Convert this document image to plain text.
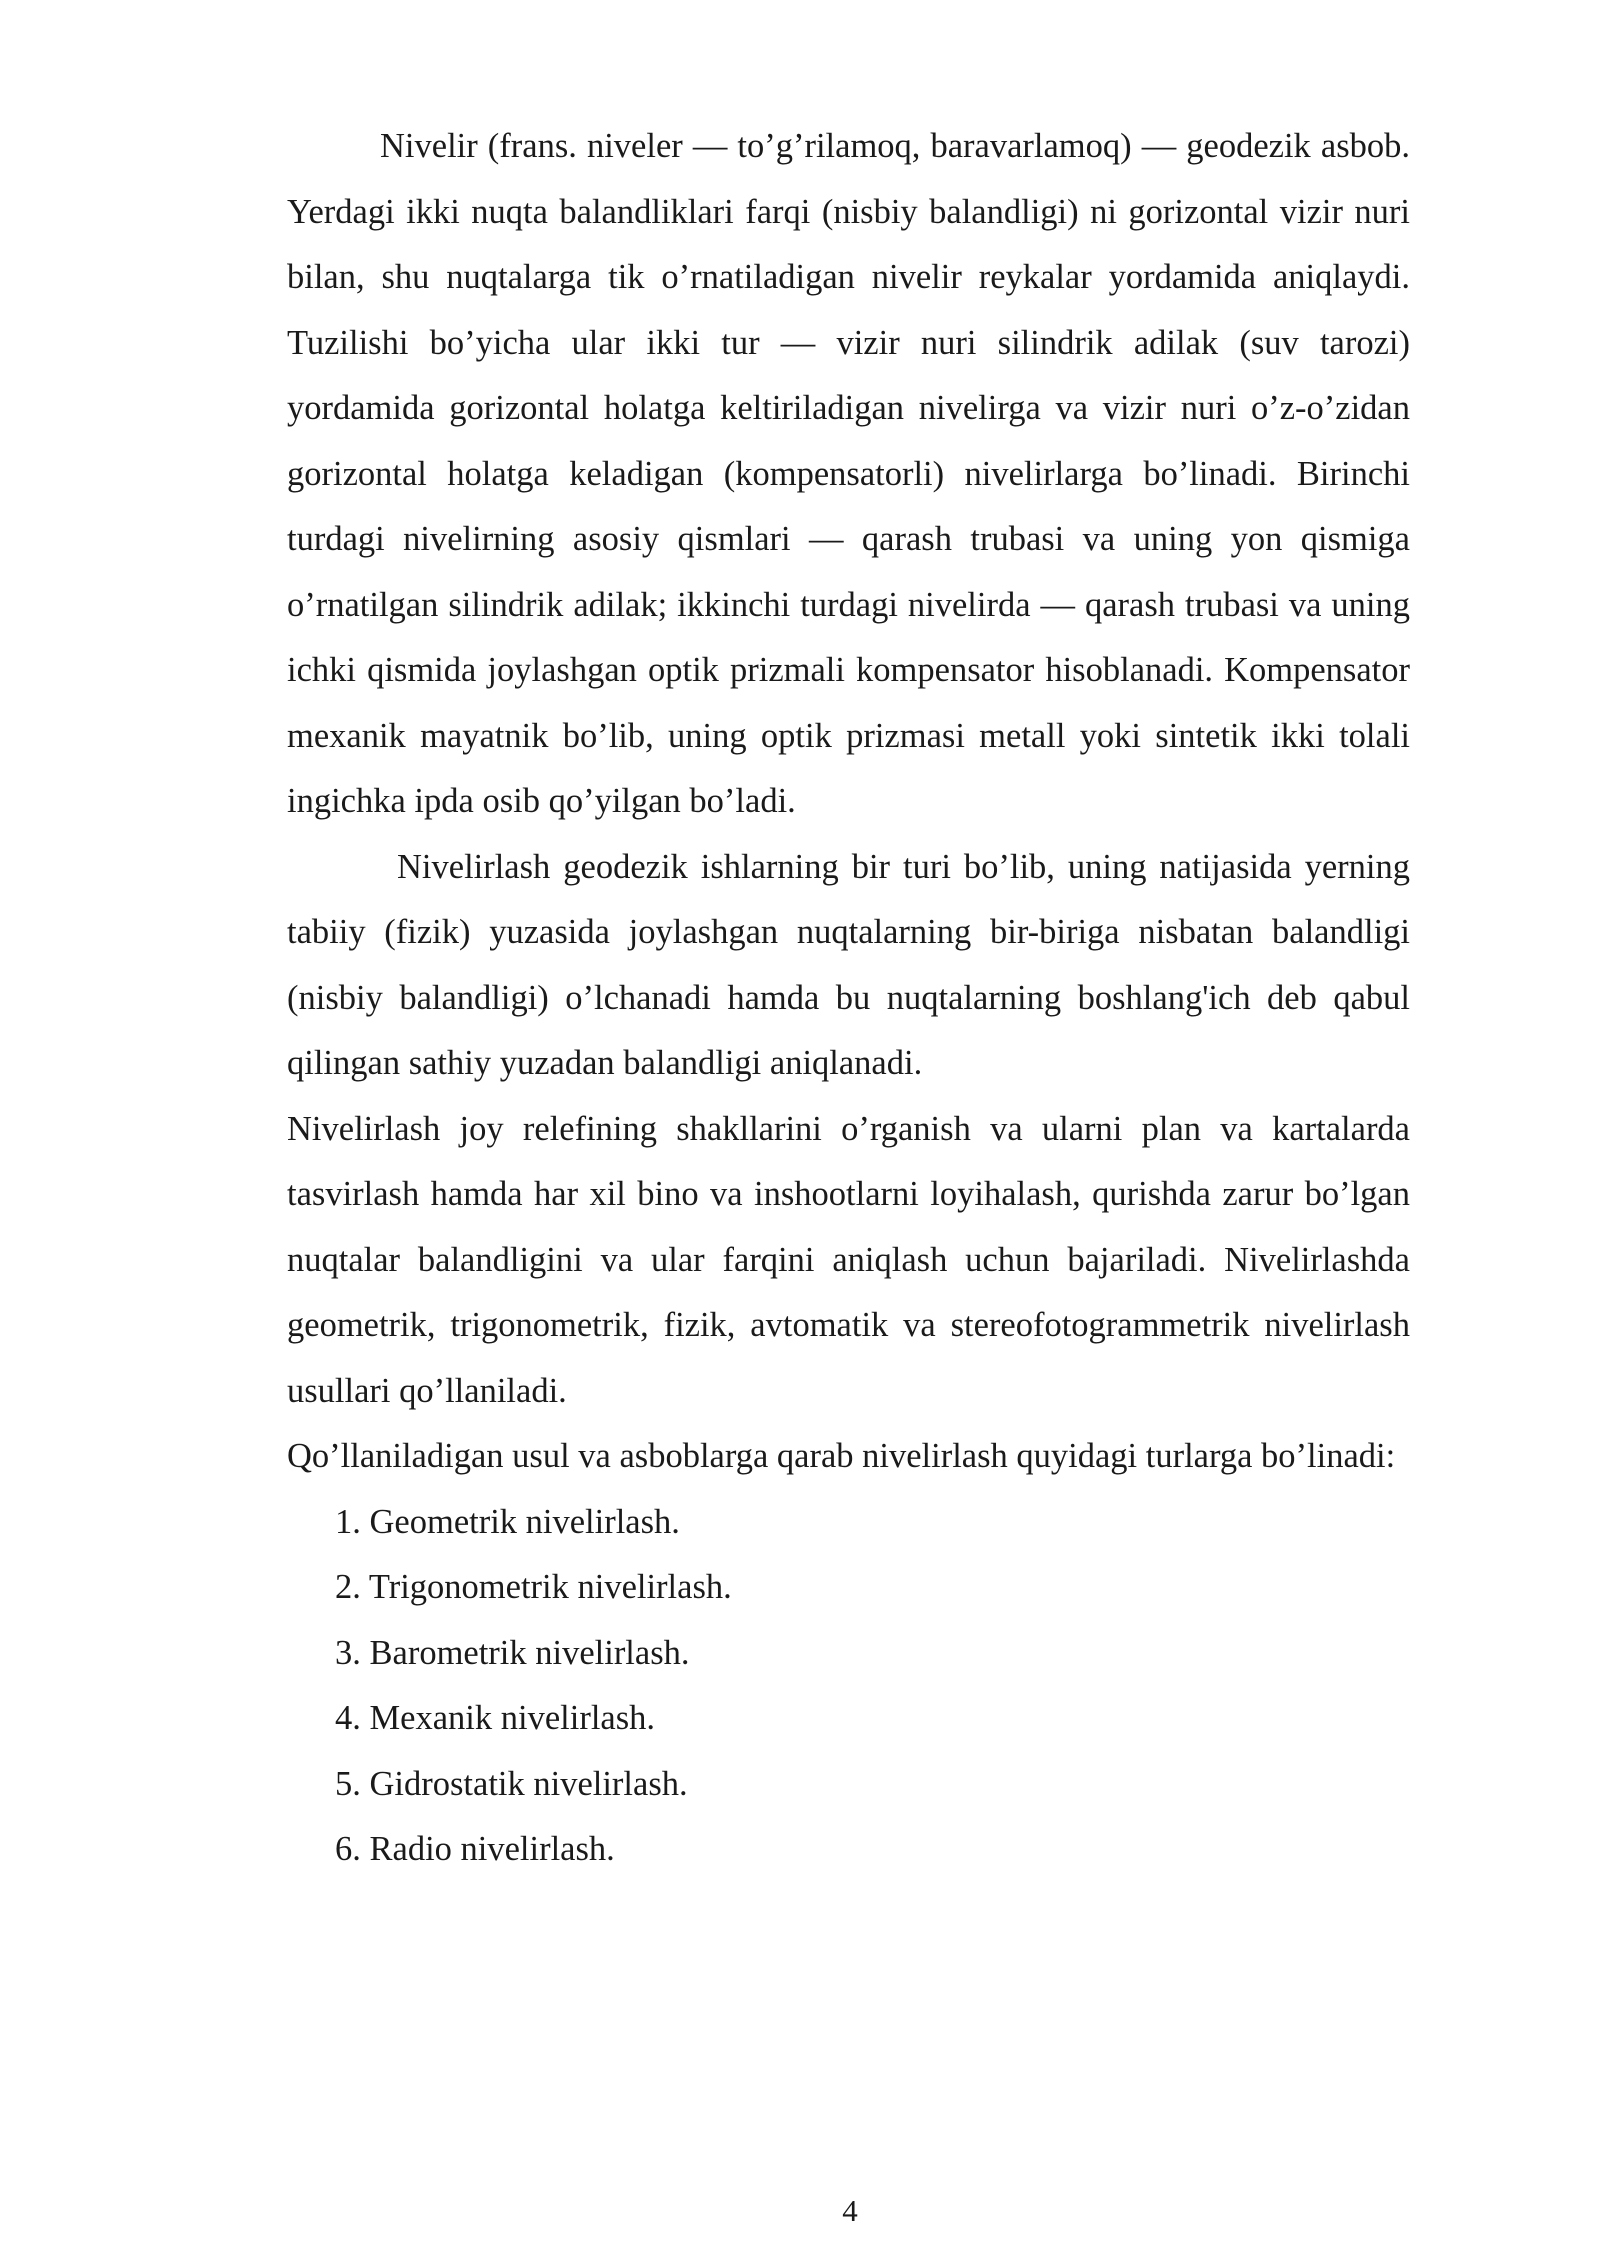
Nivelir (frans. niveler — to’g’rilamoq, baravarlamoq) — geodezik asbob. Yerdagi ikki nuqta balandliklari farqi (nisbiy balandligi) ni gorizontal vizir nuri bilan, shu nuqtalarga tik o’rnatiladigan nivelir reykalar yordamida aniqlaydi. Tuzilishi bo’yicha ular ikki tur — vizir nuri silindrik adilak (suv tarozi) yordamida gorizontal holatga keltiriladigan nivelirga va vizir nuri o’z-o’zidan gorizontal holatga keladigan (kompensatorli) nivelirlarga bo’linadi. Birinchi turdagi nivelirning asosiy qismlari — qarash trubasi va uning yon qismiga o’rnatilgan silindrik adilak; ikkinchi turdagi nivelirda — qarash trubasi va uning ichki qismida joylashgan optik prizmali kompensator hisoblanadi. Kompensator mexanik mayatnik bo’lib, uning optik prizmasi metall yoki sintetik ikki tolali ingichka ipda osib qo’yilgan bo’ladi.

Nivelirlash geodezik ishlarning bir turi bo’lib, uning natijasida yerning tabiiy (fizik) yuzasida joylashgan nuqtalarning bir-biriga nisbatan balandligi (nisbiy balandligi) o’lchanadi hamda bu nuqtalarning boshlang'ich deb qabul qilingan sathiy yuzadan balandligi aniqlanadi.

Nivelirlash joy relefining shakllarini o’rganish va ularni plan va kartalarda tasvirlash hamda har xil bino va inshootlarni loyihalash, qurishda zarur bo’lgan nuqtalar balandligini va ular farqini aniqlash uchun bajariladi. Nivelirlashda geometrik, trigonometrik, fizik, avtomatik va stereofotogrammetrik nivelirlash usullari qo’llaniladi.

Qo’llaniladigan usul va asboblarga qarab nivelirlash quyidagi turlarga bo’linadi:

1. Geometrik nivelirlash.
2. Trigonometrik nivelirlash.
3. Barometrik nivelirlash.
4. Mexanik nivelirlash.
5. Gidrostatik nivelirlash.
6. Radio nivelirlash.
4
